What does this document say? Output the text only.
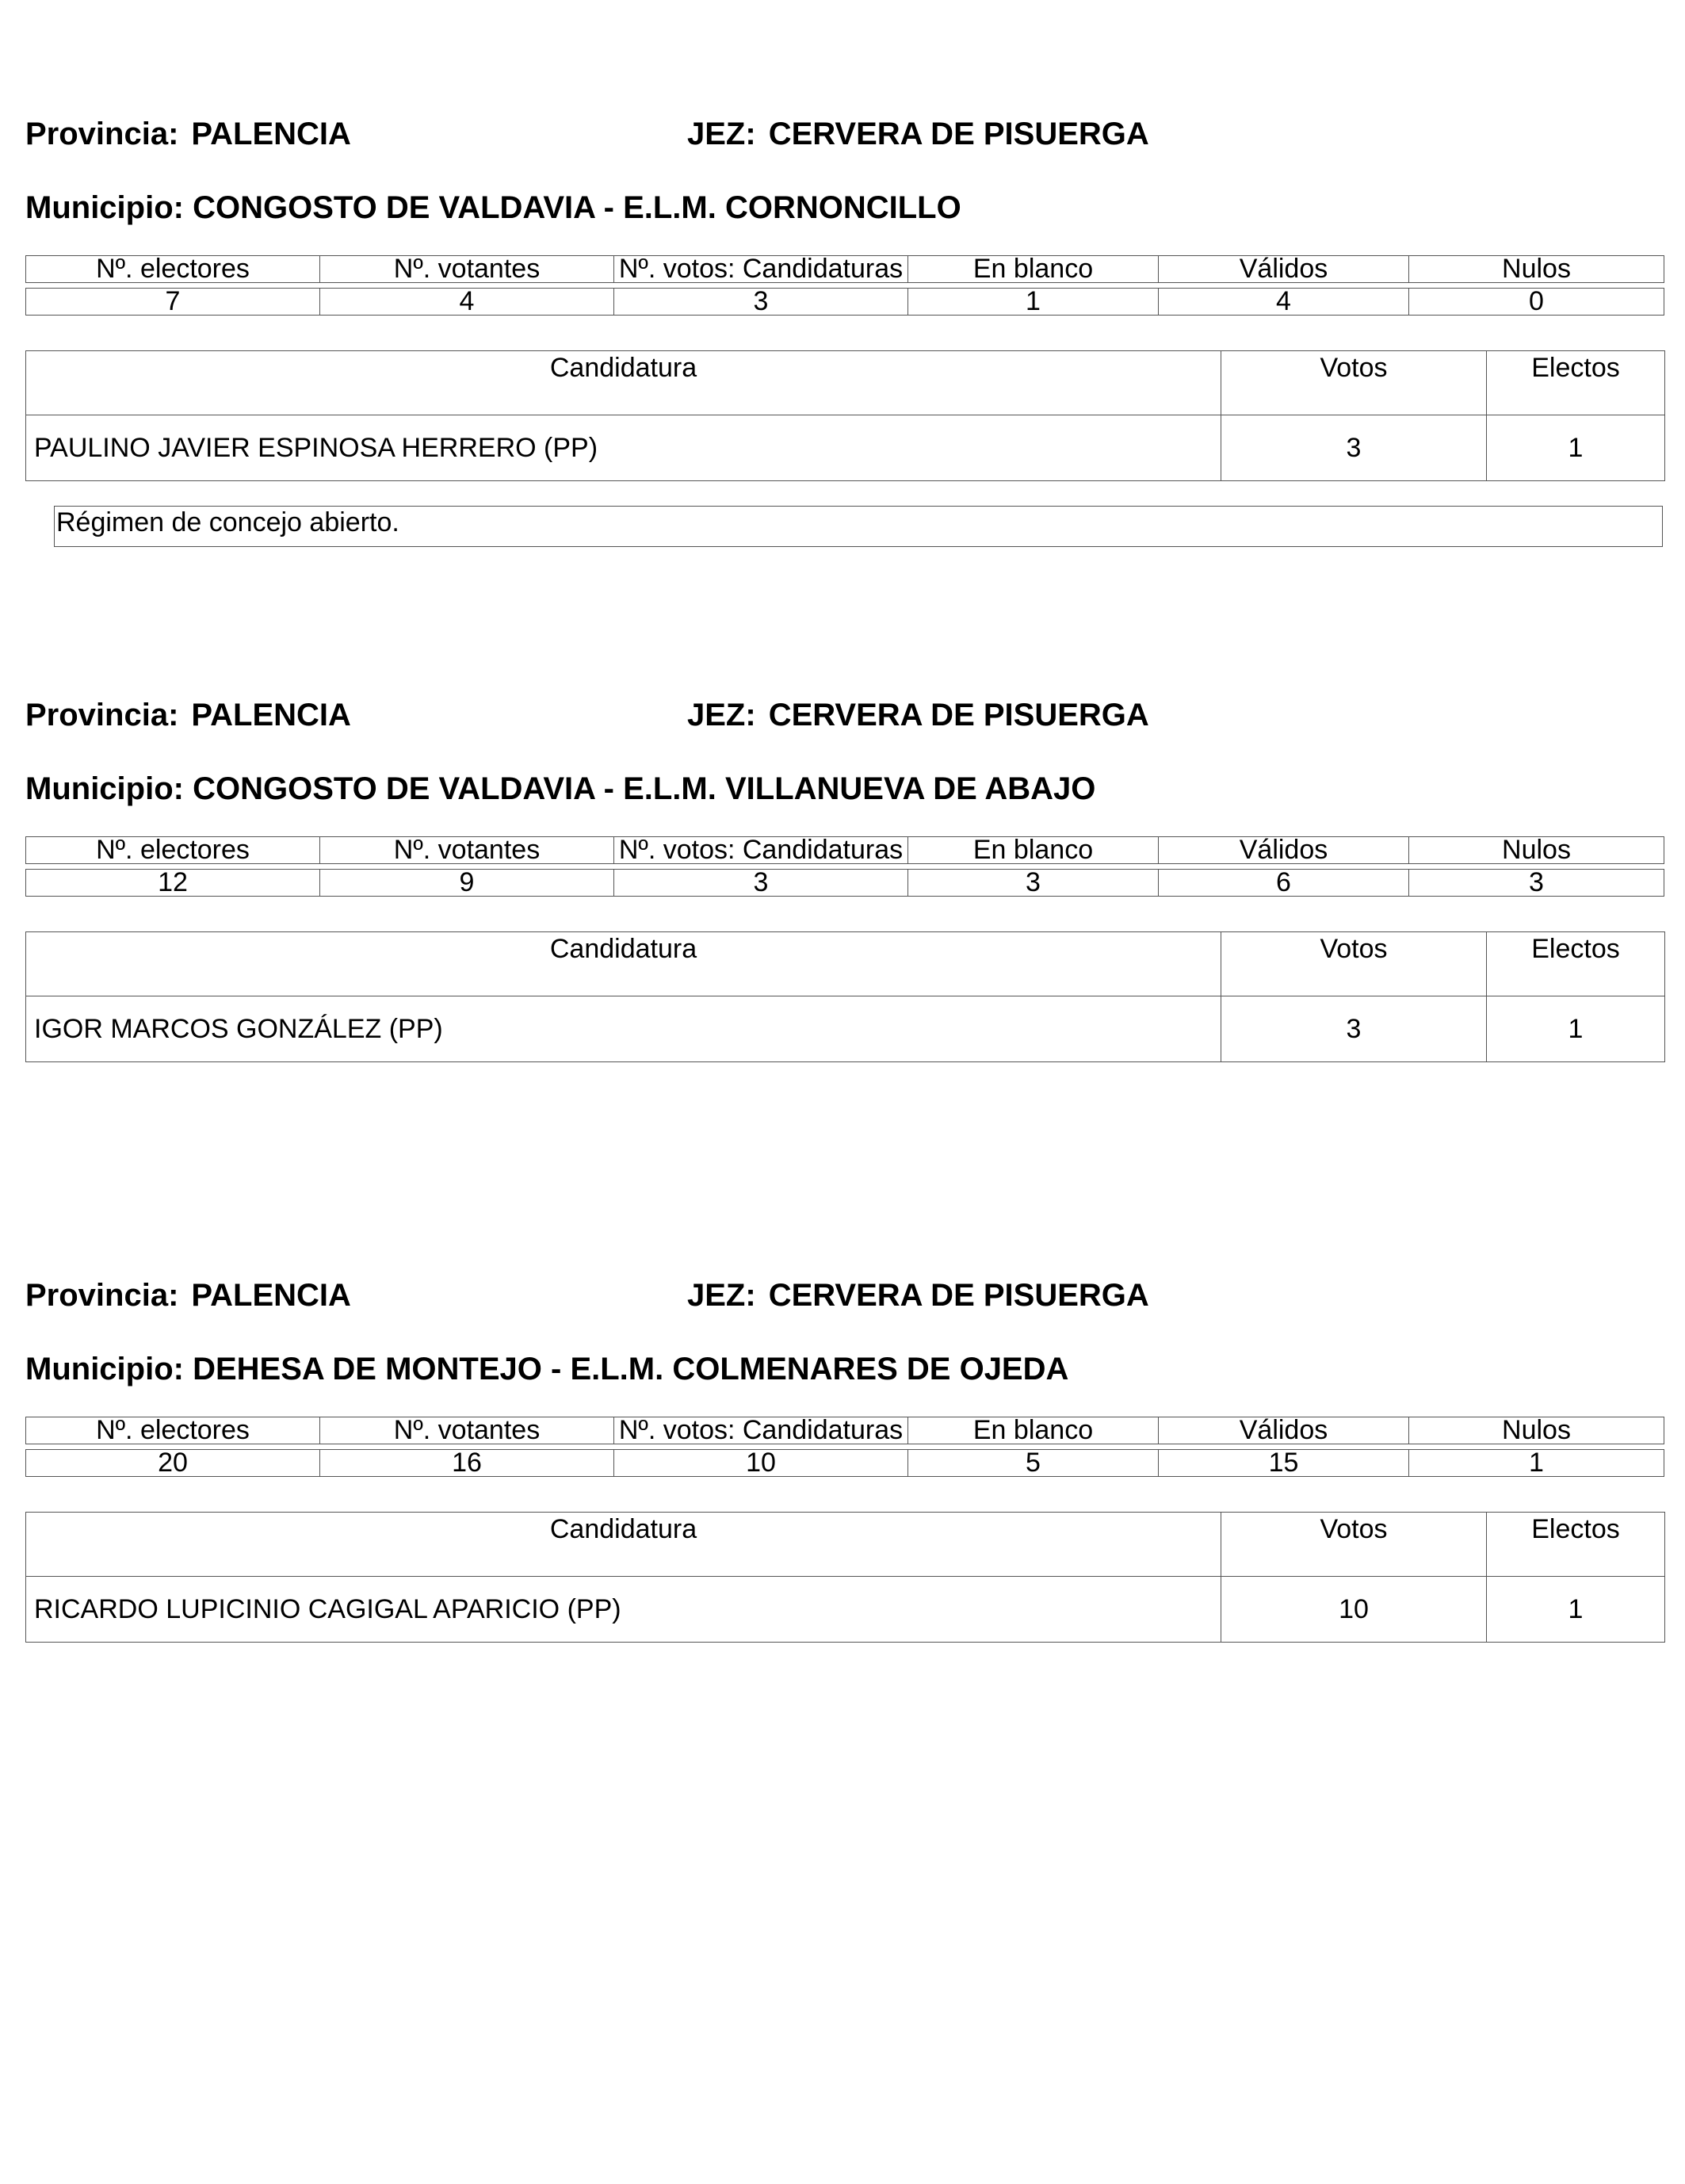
Provincia: PALENCIA	JEZ: CERVERA DE PISUERGA
Municipio: CONGOSTO DE VALDAVIA - E.L.M. CORNONCILLO
Nº. electores	Nº. votantes	Nº. votos: Candidaturas	En blanco	Válidos	Nulos
7	4	3	1	4	0
Candidatura	Votos	Electos
PAULINO JAVIER ESPINOSA HERRERO (PP)	3	1
Régimen de concejo abierto.
Provincia: PALENCIA	JEZ: CERVERA DE PISUERGA
Municipio: CONGOSTO DE VALDAVIA - E.L.M. VILLANUEVA DE ABAJO
Nº. electores	Nº. votantes	Nº. votos: Candidaturas	En blanco	Válidos	Nulos
12	9	3	3	6	3
Candidatura	Votos	Electos
IGOR MARCOS GONZÁLEZ (PP)	3	1
Provincia: PALENCIA	JEZ: CERVERA DE PISUERGA
Municipio: DEHESA DE MONTEJO - E.L.M. COLMENARES DE OJEDA
Nº. electores	Nº. votantes	Nº. votos: Candidaturas	En blanco	Válidos	Nulos
20	16	10	5	15	1
Candidatura	Votos	Electos
RICARDO LUPICINIO CAGIGAL APARICIO (PP)	10	1
